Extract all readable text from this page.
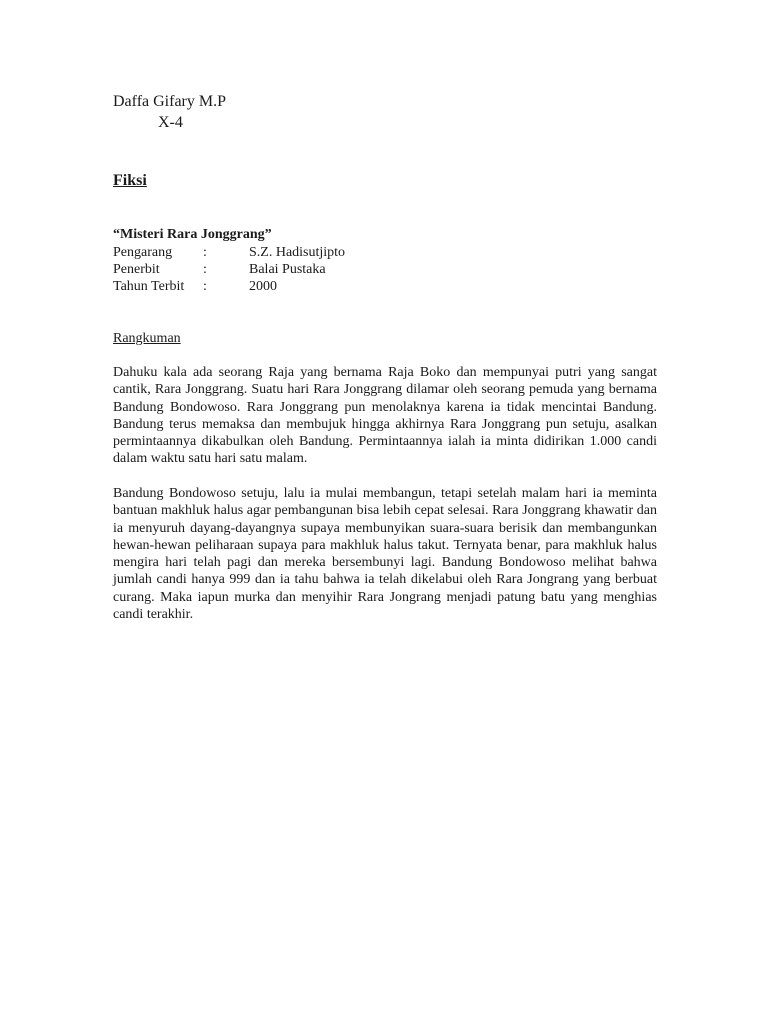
Daffa Gifary M.P
X-4
Fiksi
“Misteri Rara Jonggrang”
Pengarang :	S.Z. Hadisutjipto
Penerbit	:	Balai Pustaka
Tahun Terbit :	2000
Rangkuman

Dahuku kala ada seorang Raja yang bernama Raja Boko dan mempunyai putri yang sangat cantik, Rara Jonggrang. Suatu hari Rara Jonggrang dilamar oleh seorang pemuda yang bernama Bandung Bondowoso. Rara Jonggrang pun menolaknya karena ia tidak mencintai Bandung. Bandung terus memaksa dan membujuk hingga akhirnya Rara Jonggrang pun setuju, asalkan permintaannya dikabulkan oleh Bandung. Permintaannya ialah ia minta didirikan 1.000 candi dalam waktu satu hari satu malam.

Bandung Bondowoso setuju, lalu ia mulai membangun, tetapi setelah malam hari ia meminta bantuan makhluk halus agar pembangunan bisa lebih cepat selesai. Rara Jonggrang khawatir dan ia menyuruh dayang-dayangnya supaya membunyikan suara-suara berisik dan membangunkan hewan-hewan peliharaan supaya para makhluk halus takut. Ternyata benar, para makhluk halus mengira hari telah pagi dan mereka bersembunyi lagi. Bandung Bondowoso melihat bahwa jumlah candi hanya 999 dan ia tahu bahwa ia telah dikelabui oleh Rara Jongrang yang berbuat curang. Maka iapun murka dan menyihir Rara Jongrang menjadi patung batu yang menghias candi terakhir.
